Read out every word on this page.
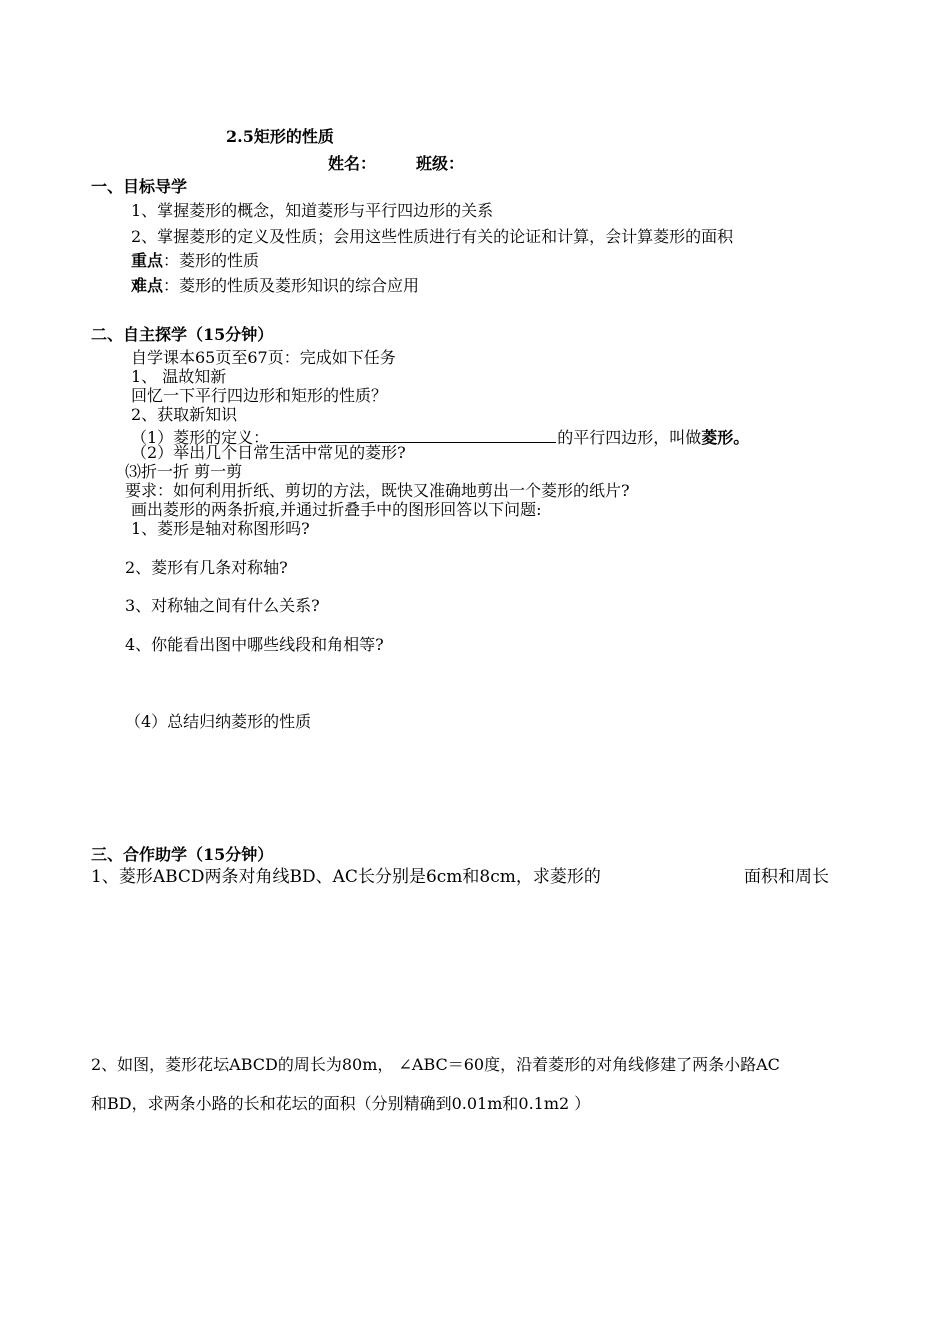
2.5矩形的性质
姓名： 班级：
一、目标导学
1、掌握菱形的概念，知道菱形与平行四边形的关系
2、掌握菱形的定义及性质；会用这些性质进行有关的论证和计算，会计算菱形的面积
重点：菱形的性质
难点：菱形的性质及菱形知识的综合应用
二、自主探学（15分钟）
自学课本65页至67页：完成如下任务
1、 温故知新
回忆一下平行四边形和矩形的性质？
2、获取新知识
（1）菱形的定义：	的平行四边形，叫做菱形。
（2）举出几个日常生活中常见的菱形?
⑶折一折 剪一剪
要求：如何利用折纸、剪切的方法，既快又准确地剪出一个菱形的纸片?
画出菱形的两条折痕,并通过折叠手中的图形回答以下问题:
1、菱形是轴对称图形吗?
2、菱形有几条对称轴?
3、对称轴之间有什么关系?
4、你能看出图中哪些线段和角相等?
（4）总结归纳菱形的性质
三、合作助学（15分钟）
1、菱形ABCD两条对角线BD、AC长分别是6cm和8cm，求菱形的	面积和周长
2、如图，菱形花坛ABCD的周长为80m， ∠ABC＝60度，沿着菱形的对角线修建了两条小路AC
和BD，求两条小路的长和花坛的面积（分别精确到0.01m和0.1m2 ）
